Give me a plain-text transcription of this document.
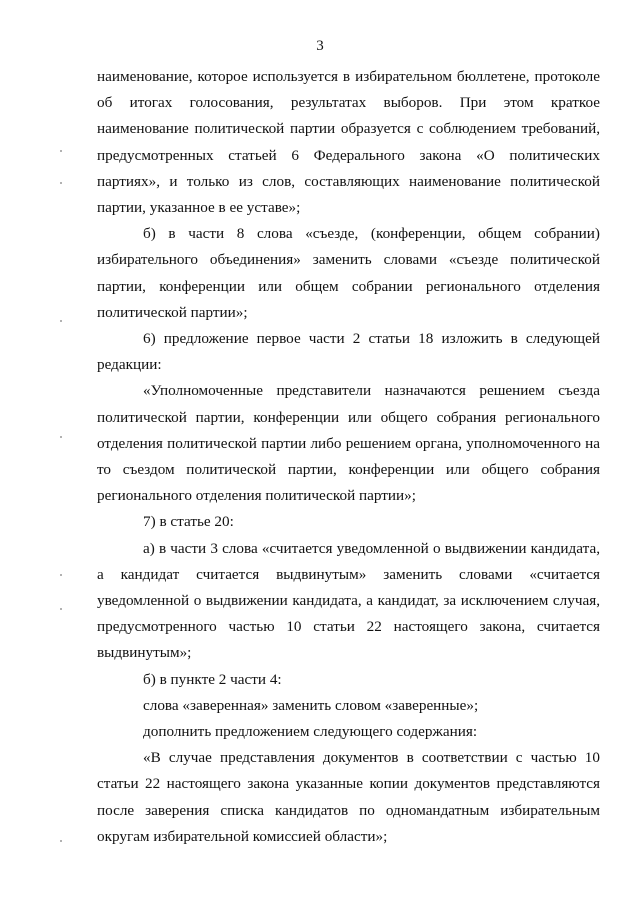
3

наименование, которое используется в избирательном бюллетене, протоколе об итогах голосования, результатах выборов. При этом краткое наименование политической партии образуется с соблюдением требований, предусмотренных статьей 6 Федерального закона «О политических партиях», и только из слов, составляющих наименование политической партии, указанное в ее уставе»;

б) в части 8 слова «съезде, (конференции, общем собрании) избирательного объединения» заменить словами «съезде политической партии, конференции или общем собрании регионального отделения политической партии»;

6) предложение первое части 2 статьи 18 изложить в следующей редакции:

«Уполномоченные представители назначаются решением съезда политической партии, конференции или общего собрания регионального отделения политической партии либо решением органа, уполномоченного на то съездом политической партии, конференции или общего собрания регионального отделения политической партии»;

7) в статье 20:

а) в части 3 слова «считается уведомленной о выдвижении кандидата, а кандидат считается выдвинутым» заменить словами «считается уведомленной о выдвижении кандидата, а кандидат, за исключением случая, предусмотренного частью 10 статьи 22 настоящего закона, считается выдвинутым»;

б) в пункте 2 части 4:

слова «заверенная» заменить словом «заверенные»;

дополнить предложением следующего содержания:

«В случае представления документов в соответствии с частью 10 статьи 22 настоящего закона указанные копии документов представляются после заверения списка кандидатов по одномандатным избирательным округам избирательной комиссией области»;
